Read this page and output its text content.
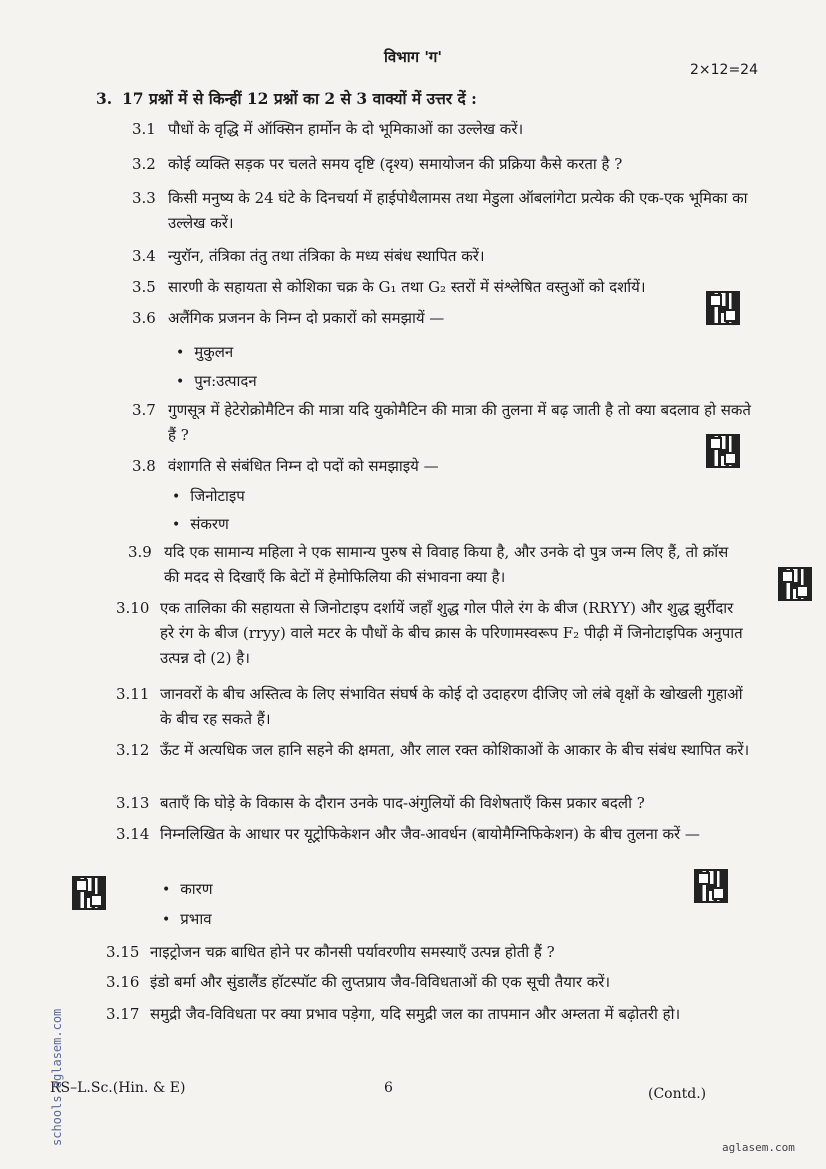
विभाग 'ग'
2×12=24
3. 17 प्रश्नों में से किन्हीं 12 प्रश्नों का 2 से 3 वाक्यों में उत्तर दें :
3.1 पौधों के वृद्धि में ऑक्सिन हार्मोन के दो भूमिकाओं का उल्लेख करें।
3.2 कोई व्यक्ति सड़क पर चलते समय दृष्टि (दृश्य) समायोजन की प्रक्रिया कैसे करता है ?
3.3 किसी मनुष्य के 24 घंटे के दिनचर्या में हाईपोथैलामस तथा मेडुला ऑबलांगेटा प्रत्येक की एक-एक भूमिका का उल्लेख करें।
3.4 न्युरॉन, तंत्रिका तंतु तथा तंत्रिका के मध्य संबंध स्थापित करें।
3.5 सारणी के सहायता से कोशिका चक्र के G₁ तथा G₂ स्तरों में संश्लेषित वस्तुओं को दर्शायें।
3.6 अलैंगिक प्रजनन के निम्न दो प्रकारों को समझायें —
• मुकुलन
• पुन:उत्पादन
3.7 गुणसूत्र में हेटेरोक्रोमैटिन की मात्रा यदि युकोमैटिन की मात्रा की तुलना में बढ़ जाती है तो क्या बदलाव हो सकते हैं ?
3.8 वंशागति से संबंधित निम्न दो पदों को समझाइये —
• जिनोटाइप
• संकरण
3.9 यदि एक सामान्य महिला ने एक सामान्य पुरुष से विवाह किया है, और उनके दो पुत्र जन्म लिए हैं, तो क्रॉस की मदद से दिखाएँ कि बेटों में हेमोफिलिया की संभावना क्या है।
3.10 एक तालिका की सहायता से जिनोटाइप दर्शायें जहाँ शुद्ध गोल पीले रंग के बीज (RRYY) और शुद्ध झुर्रीदार हरे रंग के बीज (rryy) वाले मटर के पौधों के बीच क्रास के परिणामस्वरूप F₂ पीढ़ी में जिनोटाइपिक अनुपात उत्पन्न दो (2) है।
3.11 जानवरों के बीच अस्तित्व के लिए संभावित संघर्ष के कोई दो उदाहरण दीजिए जो लंबे वृक्षों के खोखली गुहाओं के बीच रह सकते हैं।
3.12 ऊँट में अत्यधिक जल हानि सहने की क्षमता, और लाल रक्त कोशिकाओं के आकार के बीच संबंध स्थापित करें।
3.13 बताएँ कि घोड़े के विकास के दौरान उनके पाद-अंगुलियों की विशेषताएँ किस प्रकार बदली ?
3.14 निम्नलिखित के आधार पर यूट्रोफिकेशन और जैव-आवर्धन (बायोमैग्निफिकेशन) के बीच तुलना करें —
• कारण
• प्रभाव
3.15 नाइट्रोजन चक्र बाधित होने पर कौनसी पर्यावरणीय समस्याएँ उत्पन्न होती हैं ?
3.16 इंडो बर्मा और सुंडालैंड हॉटस्पॉट की लुप्तप्राय जैव-विविधताओं की एक सूची तैयार करें।
3.17 समुद्री जैव-विविधता पर क्या प्रभाव पड़ेगा, यदि समुद्री जल का तापमान और अम्लता में बढ़ोतरी हो।
RS–L.Sc.(Hin. & E)	6	(Contd.)
schools.aglasem.com
aglasem.com
